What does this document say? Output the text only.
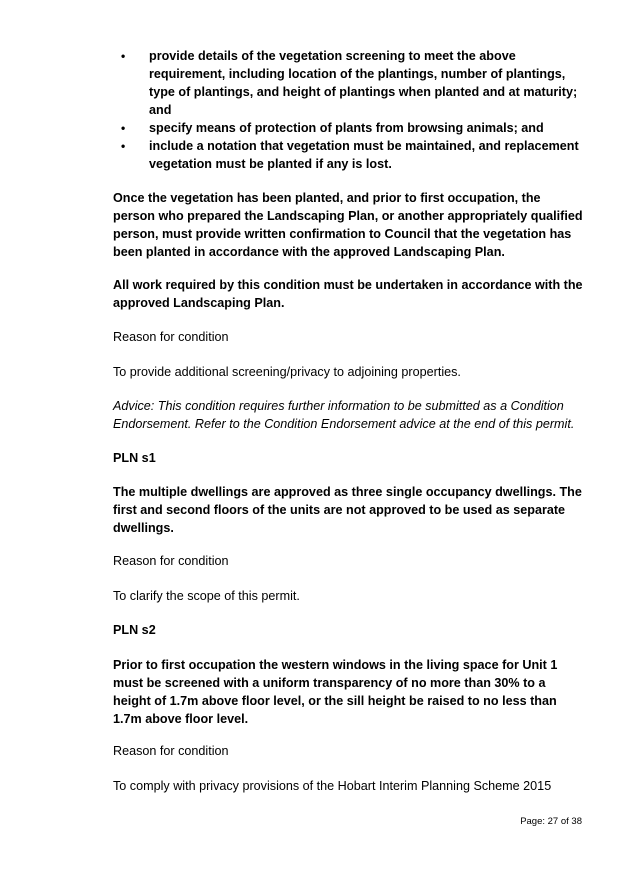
• provide details of the vegetation screening to meet the above requirement, including location of the plantings, number of plantings, type of plantings, and height of plantings when planted and at maturity; and
• specify means of protection of plants from browsing animals; and
• include a notation that vegetation must be maintained, and replacement vegetation must be planted if any is lost.

Once the vegetation has been planted, and prior to first occupation, the person who prepared the Landscaping Plan, or another appropriately qualified person, must provide written confirmation to Council that the vegetation has been planted in accordance with the approved Landscaping Plan.

All work required by this condition must be undertaken in accordance with the approved Landscaping Plan.

Reason for condition

To provide additional screening/privacy to adjoining properties.

Advice: This condition requires further information to be submitted as a Condition Endorsement. Refer to the Condition Endorsement advice at the end of this permit.

PLN s1

The multiple dwellings are approved as three single occupancy dwellings. The first and second floors of the units are not approved to be used as separate dwellings.

Reason for condition

To clarify the scope of this permit.

PLN s2

Prior to first occupation the western windows in the living space for Unit 1 must be screened with a uniform transparency of no more than 30% to a height of 1.7m above floor level, or the sill height be raised to no less than 1.7m above floor level.

Reason for condition

To comply with privacy provisions of the Hobart Interim Planning Scheme 2015

Page: 27 of 38
